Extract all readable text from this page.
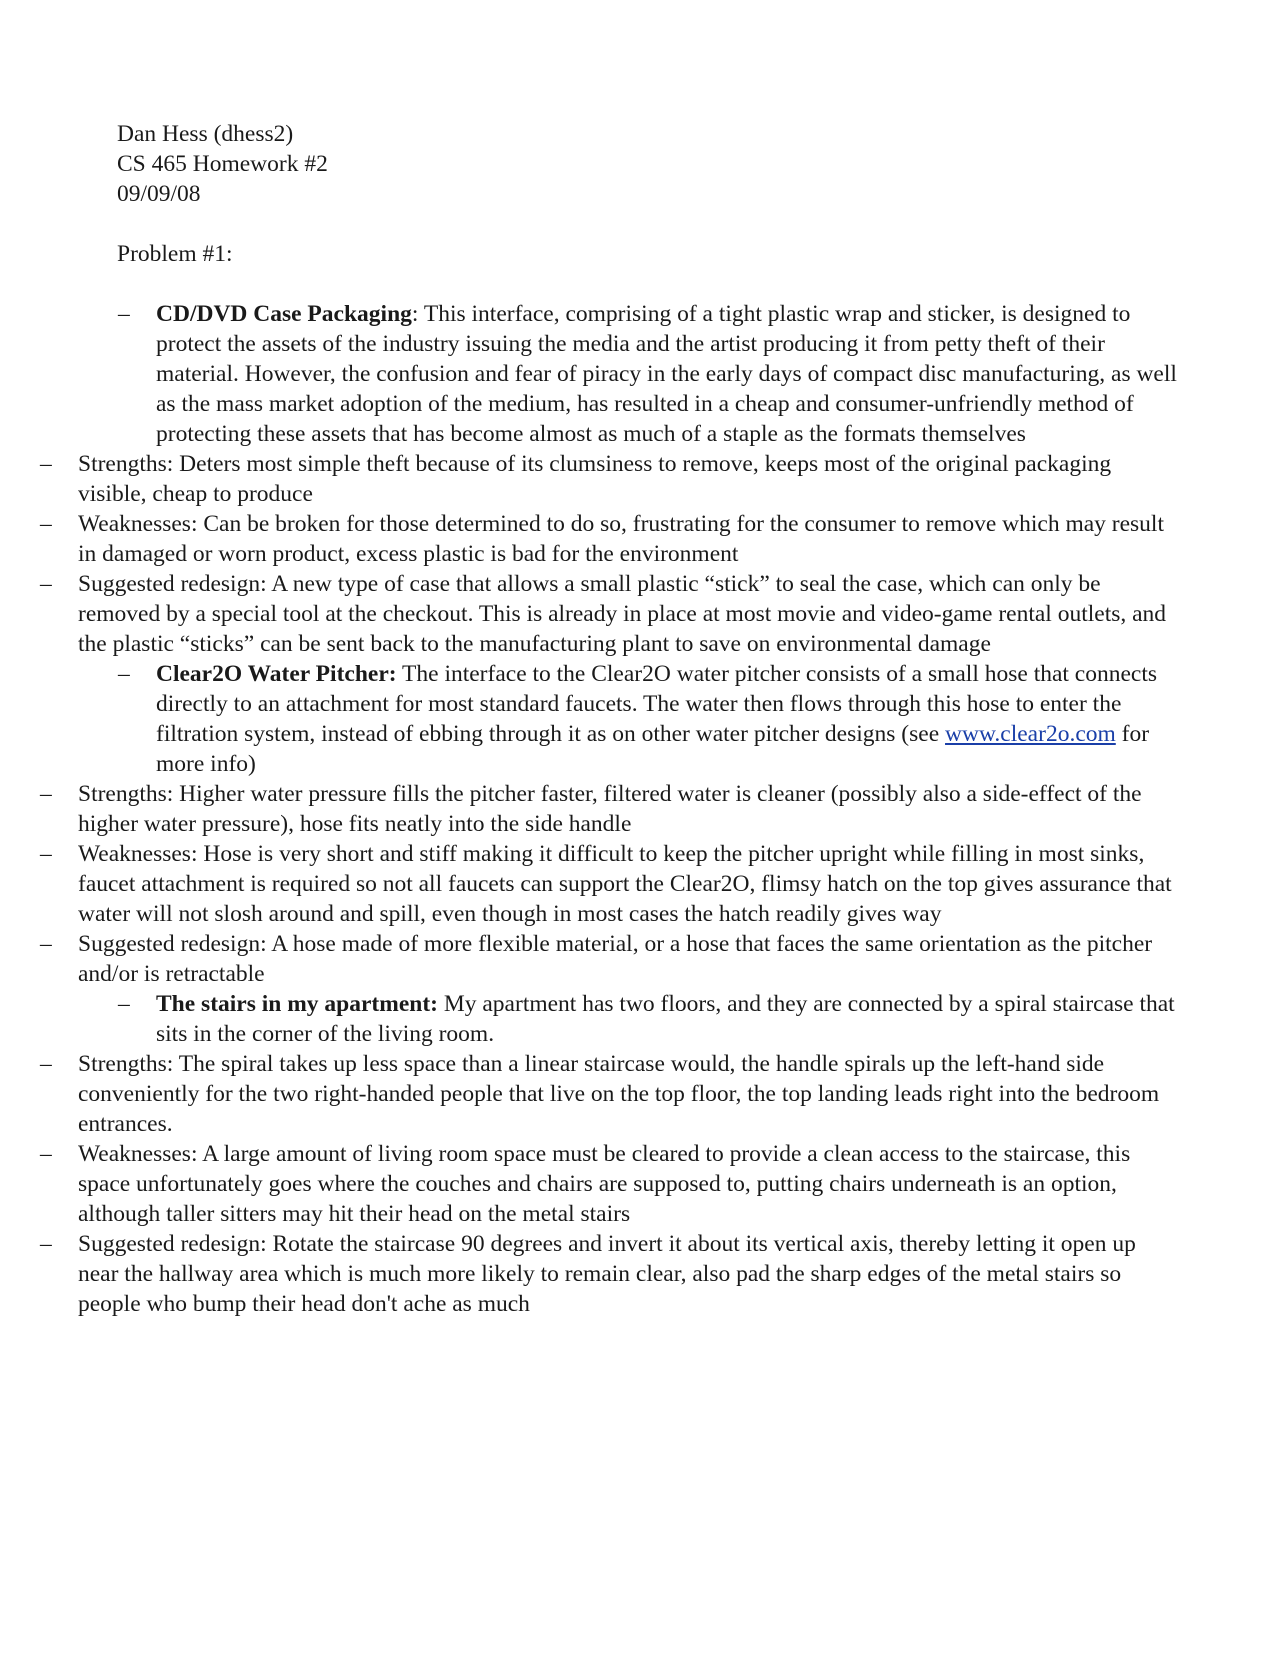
Dan Hess (dhess2)
CS 465 Homework #2
09/09/08
Problem #1:
–	CD/DVD Case Packaging: This interface, comprising of a tight plastic wrap and sticker, is designed to protect the assets of the industry issuing the media and the artist producing it from petty theft of their material. However, the confusion and fear of piracy in the early days of compact disc manufacturing, as well as the mass market adoption of the medium, has resulted in a cheap and consumer-unfriendly method of protecting these assets that has become almost as much of a staple as the formats themselves
–	Strengths: Deters most simple theft because of its clumsiness to remove, keeps most of the original packaging visible, cheap to produce
–	Weaknesses: Can be broken for those determined to do so, frustrating for the consumer to remove which may result in damaged or worn product, excess plastic is bad for the environment
–	Suggested redesign: A new type of case that allows a small plastic “stick” to seal the case, which can only be removed by a special tool at the checkout. This is already in place at most movie and video-game rental outlets, and the plastic “sticks” can be sent back to the manufacturing plant to save on environmental damage
–	Clear2O Water Pitcher: The interface to the Clear2O water pitcher consists of a small hose that connects directly to an attachment for most standard faucets. The water then flows through this hose to enter the filtration system, instead of ebbing through it as on other water pitcher designs (see www.clear2o.com for more info)
–	Strengths: Higher water pressure fills the pitcher faster, filtered water is cleaner (possibly also a side-effect of the higher water pressure), hose fits neatly into the side handle
–	Weaknesses: Hose is very short and stiff making it difficult to keep the pitcher upright while filling in most sinks, faucet attachment is required so not all faucets can support the Clear2O, flimsy hatch on the top gives assurance that water will not slosh around and spill, even though in most cases the hatch readily gives way
–	Suggested redesign: A hose made of more flexible material, or a hose that faces the same orientation as the pitcher and/or is retractable
–	The stairs in my apartment: My apartment has two floors, and they are connected by a spiral staircase that sits in the corner of the living room.
–	Strengths: The spiral takes up less space than a linear staircase would, the handle spirals up the left-hand side conveniently for the two right-handed people that live on the top floor, the top landing leads right into the bedroom entrances.
–	Weaknesses: A large amount of living room space must be cleared to provide a clean access to the staircase, this space unfortunately goes where the couches and chairs are supposed to, putting chairs underneath is an option, although taller sitters may hit their head on the metal stairs
–	Suggested redesign: Rotate the staircase 90 degrees and invert it about its vertical axis, thereby letting it open up near the hallway area which is much more likely to remain clear, also pad the sharp edges of the metal stairs so people who bump their head don't ache as much
